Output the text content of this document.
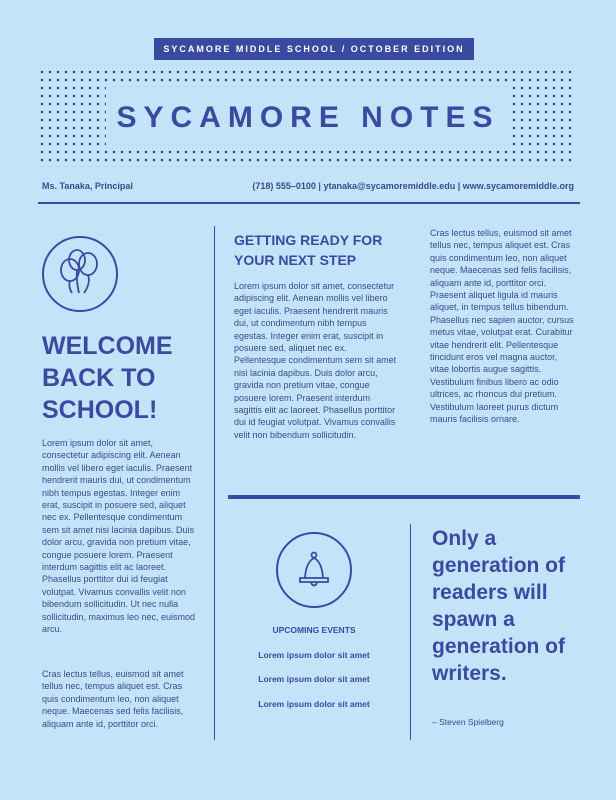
SYCAMORE MIDDLE SCHOOL / OCTOBER EDITION
SYCAMORE NOTES
Ms. Tanaka, Principal	(718) 555–0100 | ytanaka@sycamoremiddle.edu | www.sycamoremiddle.org
WELCOME BACK TO SCHOOL!
Lorem ipsum dolor sit amet, consectetur adipiscing elit. Aenean mollis vel libero eget iaculis. Praesent hendrerit mauris dui, ut condimentum nibh tempus egestas. Integer enim erat, suscipit in posuere sed, aliquet nec ex. Pellentesque condimentum sem sit amet nisi lacinia dapibus. Duis dolor arcu, gravida non pretium vitae, congue posuere lorem. Praesent interdum sagittis elit ac laoreet. Phasellus porttitor dui id feugiat volutpat. Vivamus convallis velit non bibendum sollicitudin. Ut nec nulla sollicitudin, maximus leo nec, euismod arcu.
Cras lectus tellus, euismod sit amet tellus nec, tempus aliquet est. Cras quis condimentum leo, non aliquet neque. Maecenas sed felis facilisis, aliquam ante id, porttitor orci.
GETTING READY FOR YOUR NEXT STEP
Lorem ipsum dolor sit amet, consectetur adipiscing elit. Aenean mollis vel libero eget iaculis. Praesent hendrerit mauris dui, ut condimentum nibh tempus egestas. Integer enim erat, suscipit in posuere sed, aliquet nec ex. Pellentesque condimentum sem sit amet nisi lacinia dapibus. Duis dolor arcu, gravida non pretium vitae, congue posuere lorem. Praesent interdum sagittis elit ac laoreet. Phasellus porttitor dui id feugiat volutpat. Vivamus convallis velit non bibendum sollicitudin.
Cras lectus tellus, euismod sit amet tellus nec, tempus aliquet est. Cras quis condimentum leo, non aliquet neque. Maecenas sed felis facilisis, aliquam ante id, porttitor orci. Praesent aliquet ligula id mauris aliquet, in tempus tellus bibendum. Phasellus nec sapien auctor, cursus metus vitae, volutpat erat. Curabitur vitae hendrerit elit. Pellentesque tincidunt eros vel magna auctor, vitae lobortis augue sagittis. Vestibulum finibus libero ac odio ultrices, ac rhoncus dui pretium. Vestibulum laoreet purus dictum mauris facilisis ornare.
UPCOMING EVENTS
Lorem ipsum dolor sit amet
Lorem ipsum dolor sit amet
Lorem ipsum dolor sit amet
Only a generation of readers will spawn a generation of writers.
– Steven Spielberg
